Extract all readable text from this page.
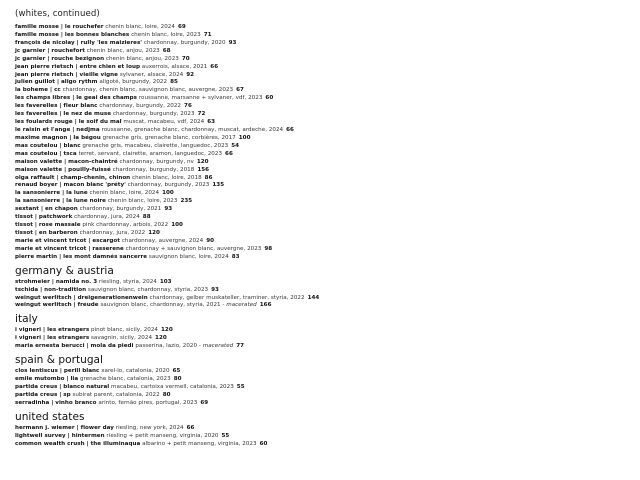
(whites, continued)
famille mosse | le rouchefer chenin blanc, loire, 2024 69
famille mosse | les bonnes blanches chenin blanc, loire, 2023 71
françois de nicolay | rully 'les maizieres' chardonnay, burgundy, 2020 93
jc garnier | rouchefort chenin blanc, anjou, 2023 68
jc garnier | rouche bezignon chenin blanc, anjou, 2023 70
jean pierre rietsch | entre chien et loup auxerrois, alsace, 2021 66
jean pierre rietsch | vieille vigne sylvaner, alsace, 2024 92
julien guillot | aligo rythm aligoté, burgundy, 2022 85
la boheme | cc chardonnay, chenin blanc, sauvignon blanc, auvergne, 2023 67
les champs libres | le geai des champs roussanne, marsanne + sylvaner, vdf, 2023 60
les faverelles | fleur blanc chardonnay, burgundy, 2022 76
les faverelles | le nez de muse chardonnay, burgundy, 2023 72
les foulards rouge | le soif du mal muscat, macabeu, vdf, 2024 63
le raisin et l'ange | nedjma roussanne, grenache blanc, chardonnay, muscat, ardeche, 2024 66
maxime magnon | la bégou grenache gris, grenache blanc, corbières, 2017 100
mas coutelou | blanc grenache gris, macabeu, clairette, languedoc, 2023 54
mas coutelou | tsca terret, servant, clairette, aramon, languedoc, 2023 66
maison valette | macon-chaintré chardonnay, burgundy, nv 120
maison valette | pouilly-fuissé chardonnay, burgundy, 2018 156
olga raffault | champ-chenin, chinon chenin blanc, loire, 2018 86
renaud boyer | macon blanc 'préty' chardonnay, burgundy, 2023 135
la sansonierre | la lune chenin blanc, loire, 2024 100
la sansonierre | la lune noire chenin blanc, loire, 2023 235
sextant | en chapon chardonnay, burgundy, 2021 93
tissot | patchwork chardonnay, jura, 2024 88
tissot | rose massale pink chardonnay, arbois, 2022 100
tissot | en barberon chardonnay, jura, 2022 120
marie et vincent tricot | escargot chardonnay, auvergne, 2024 90
marie et vincent tricot | rasserene chardonnay + sauvignon blanc, auvergne, 2023 98
pierre martin | les mont damnés sancerre sauvignon blanc, loire, 2024 83
germany & austria
strohmeier | namida no. 3 riesling, styria, 2024 103
tschida | non-tradition sauvignon blanc, chardonnay, styria, 2023 93
weingut werlitsch | dreigenerationenwein chardonnay, gelber muskateller, traminer, styria, 2022 144
weingut werlitsch | freude sauvignon blanc, chardonnay, styria, 2021 - macerated 166
italy
i vigneri | les etrangers pinot blanc, sicily, 2024 120
i vigneri | les etrangers savagnin, sicily, 2024 120
maria ernesta berucci | mola da piedi passerina, lazio, 2020 - macerated 77
spain & portugal
clos lentiscus | perill blanc xarel-lo, catalonia, 2020 65
emile mutombo | lia grenache blanc, catalonia, 2023 80
partida creus | blanco natural macabeu, cartoixa vermell, catalonia, 2023 55
partida creus | sp subirat parent, catalonia, 2022 80
serradinha | vinho branco arinto, fernão pires, portugal, 2023 69
united states
hermann j. wiemer | flower day riesling, new york, 2024 66
lightwell survey | hintermen riesling + petit manseng, virginia, 2020 55
common wealth crush | the illuminaqua albarino + petit manseng, virginia, 2023 60
